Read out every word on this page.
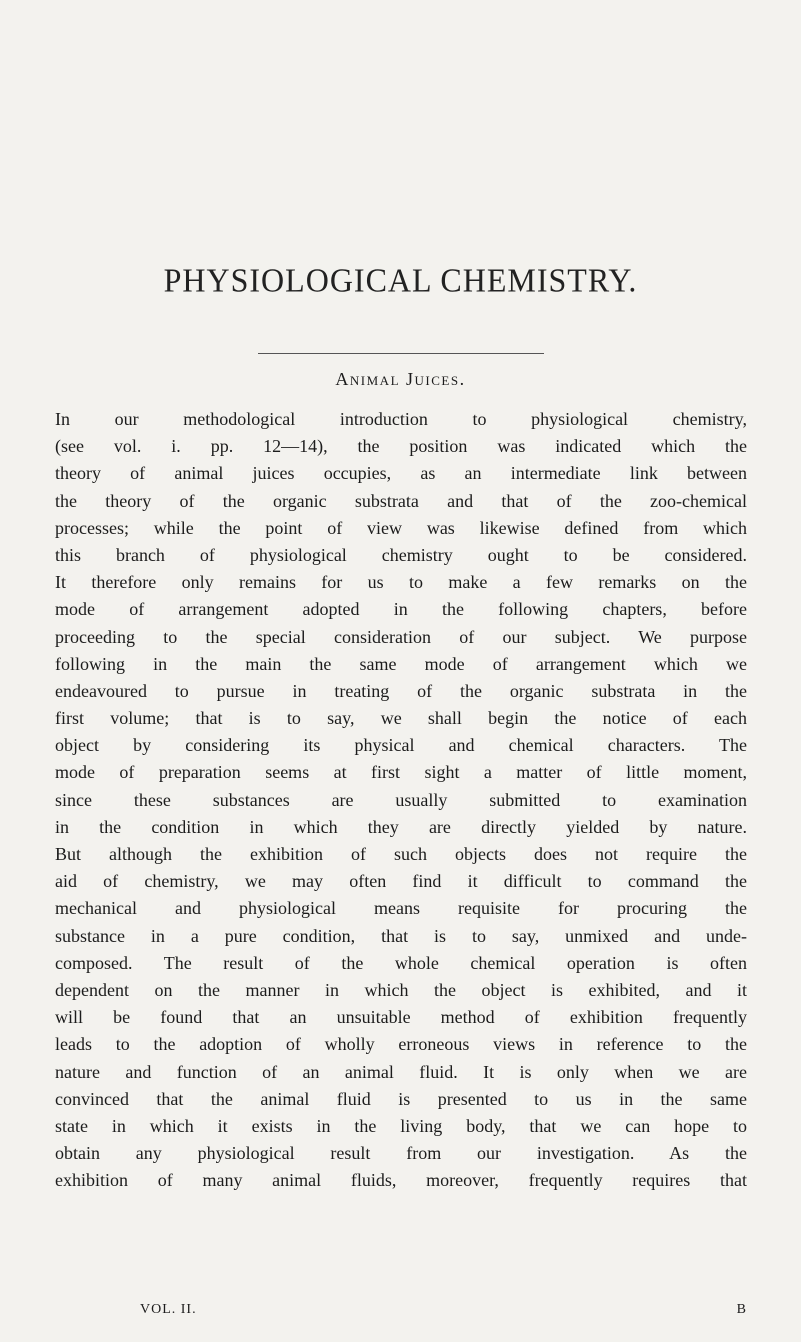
PHYSIOLOGICAL CHEMISTRY.
Animal Juices.
In our methodological introduction to physiological chemistry,
(see vol. i. pp. 12—14), the position was indicated which the
theory of animal juices occupies, as an intermediate link between
the theory of the organic substrata and that of the zoo-chemical
processes; while the point of view was likewise defined from which
this branch of physiological chemistry ought to be considered.
It therefore only remains for us to make a few remarks on the
mode of arrangement adopted in the following chapters, before
proceeding to the special consideration of our subject. We purpose
following in the main the same mode of arrangement which we
endeavoured to pursue in treating of the organic substrata in the
first volume; that is to say, we shall begin the notice of each
object by considering its physical and chemical characters. The
mode of preparation seems at first sight a matter of little moment,
since these substances are usually submitted to examination
in the condition in which they are directly yielded by nature.
But although the exhibition of such objects does not require the
aid of chemistry, we may often find it difficult to command the
mechanical and physiological means requisite for procuring the
substance in a pure condition, that is to say, unmixed and unde-
composed. The result of the whole chemical operation is often
dependent on the manner in which the object is exhibited, and it
will be found that an unsuitable method of exhibition frequently
leads to the adoption of wholly erroneous views in reference to the
nature and function of an animal fluid. It is only when we are
convinced that the animal fluid is presented to us in the same
state in which it exists in the living body, that we can hope to
obtain any physiological result from our investigation. As the
exhibition of many animal fluids, moreover, frequently requires that
VOL. II.	B
